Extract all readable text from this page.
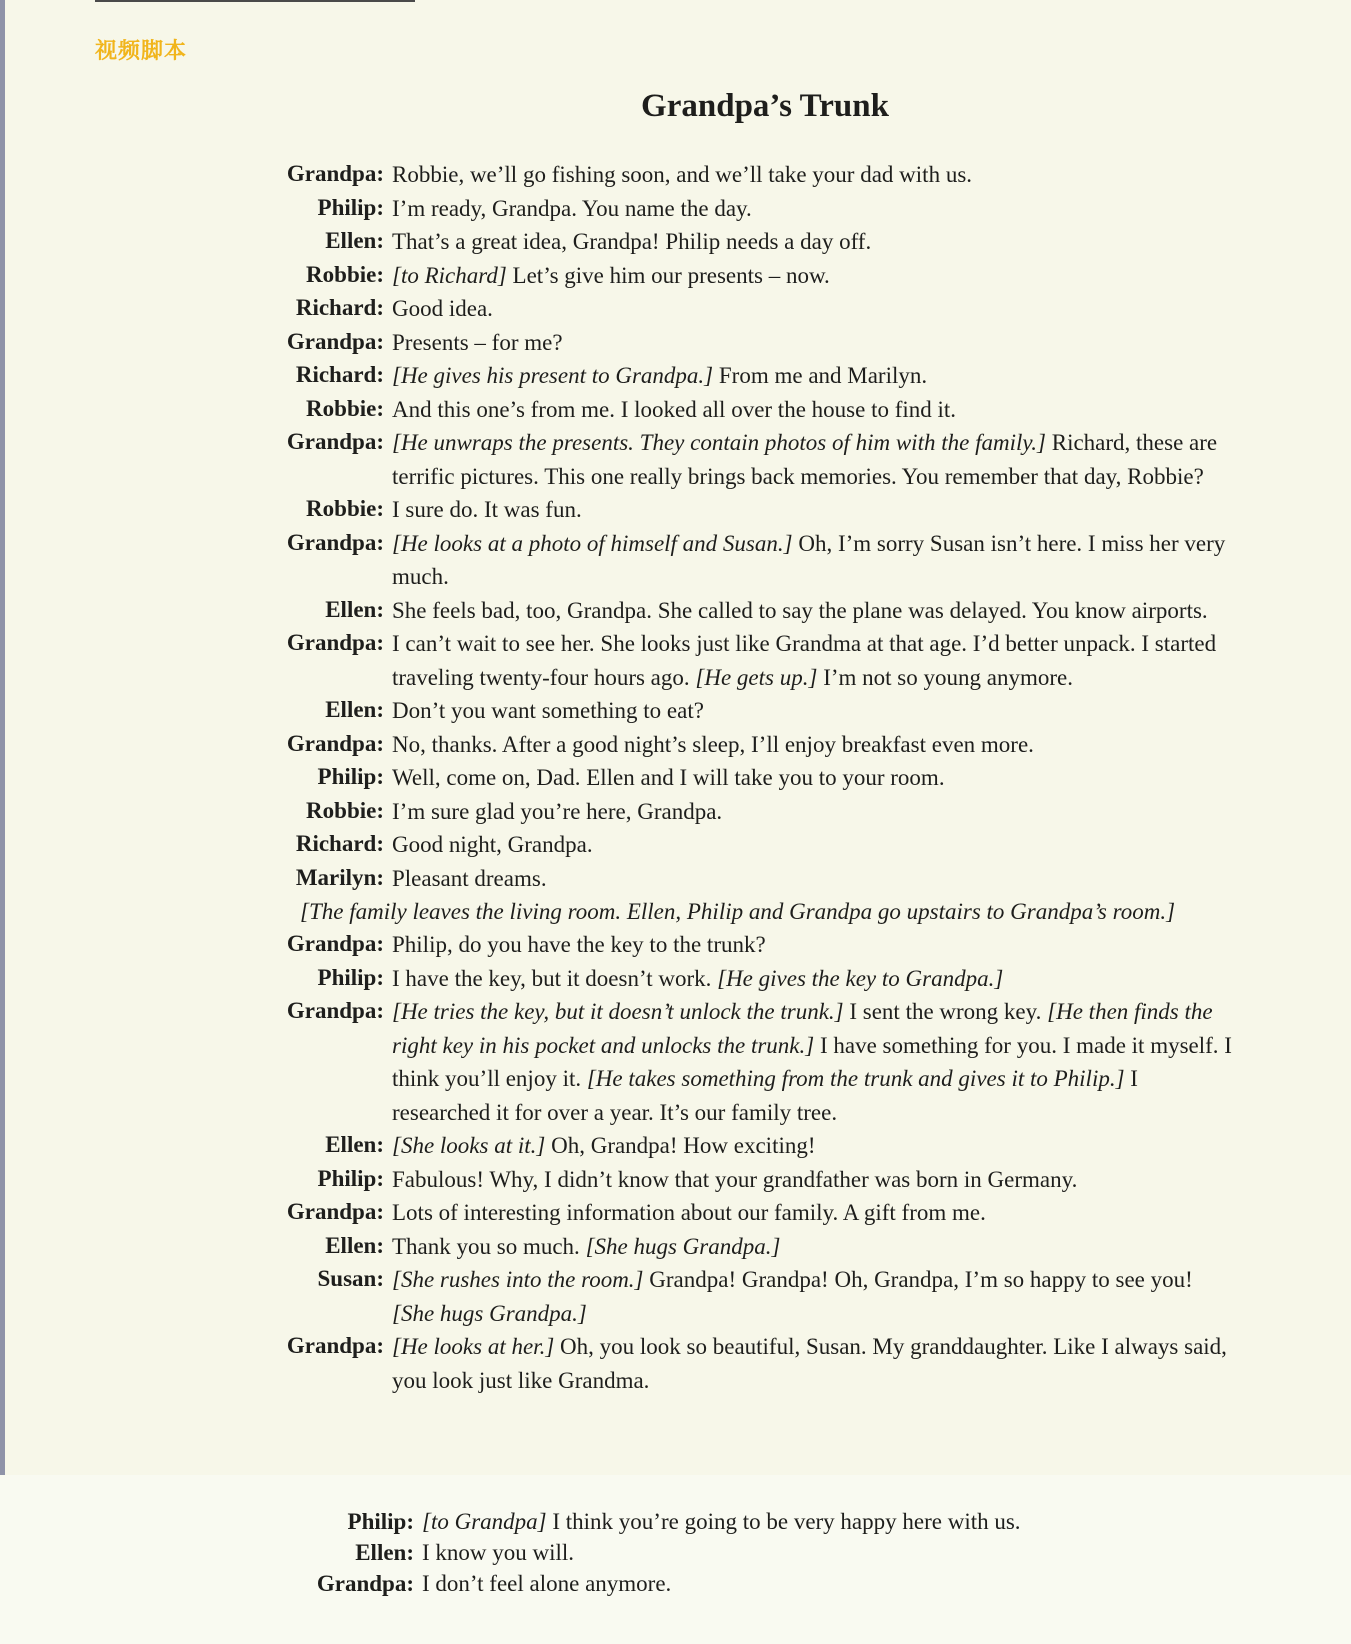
视频脚本
Grandpa’s Trunk
Grandpa: Robbie, we’ll go fishing soon, and we’ll take your dad with us.
Philip: I’m ready, Grandpa. You name the day.
Ellen: That’s a great idea, Grandpa! Philip needs a day off.
Robbie: [to Richard] Let’s give him our presents – now.
Richard: Good idea.
Grandpa: Presents – for me?
Richard: [He gives his present to Grandpa.] From me and Marilyn.
Robbie: And this one’s from me. I looked all over the house to find it.
Grandpa: [He unwraps the presents. They contain photos of him with the family.] Richard, these are terrific pictures. This one really brings back memories. You remember that day, Robbie?
Robbie: I sure do. It was fun.
Grandpa: [He looks at a photo of himself and Susan.] Oh, I’m sorry Susan isn’t here. I miss her very much.
Ellen: She feels bad, too, Grandpa. She called to say the plane was delayed. You know airports.
Grandpa: I can’t wait to see her. She looks just like Grandma at that age. I’d better unpack. I started traveling twenty-four hours ago. [He gets up.] I’m not so young anymore.
Ellen: Don’t you want something to eat?
Grandpa: No, thanks. After a good night’s sleep, I’ll enjoy breakfast even more.
Philip: Well, come on, Dad. Ellen and I will take you to your room.
Robbie: I’m sure glad you’re here, Grandpa.
Richard: Good night, Grandpa.
Marilyn: Pleasant dreams.
[The family leaves the living room. Ellen, Philip and Grandpa go upstairs to Grandpa’s room.]
Grandpa: Philip, do you have the key to the trunk?
Philip: I have the key, but it doesn’t work. [He gives the key to Grandpa.]
Grandpa: [He tries the key, but it doesn’t unlock the trunk.] I sent the wrong key. [He then finds the right key in his pocket and unlocks the trunk.] I have something for you. I made it myself. I think you’ll enjoy it. [He takes something from the trunk and gives it to Philip.] I researched it for over a year. It’s our family tree.
Ellen: [She looks at it.] Oh, Grandpa! How exciting!
Philip: Fabulous! Why, I didn’t know that your grandfather was born in Germany.
Grandpa: Lots of interesting information about our family. A gift from me.
Ellen: Thank you so much. [She hugs Grandpa.]
Susan: [She rushes into the room.] Grandpa! Grandpa! Oh, Grandpa, I’m so happy to see you! [She hugs Grandpa.]
Grandpa: [He looks at her.] Oh, you look so beautiful, Susan. My granddaughter. Like I always said, you look just like Grandma.
Philip: [to Grandpa] I think you’re going to be very happy here with us.
Ellen: I know you will.
Grandpa: I don’t feel alone anymore.
